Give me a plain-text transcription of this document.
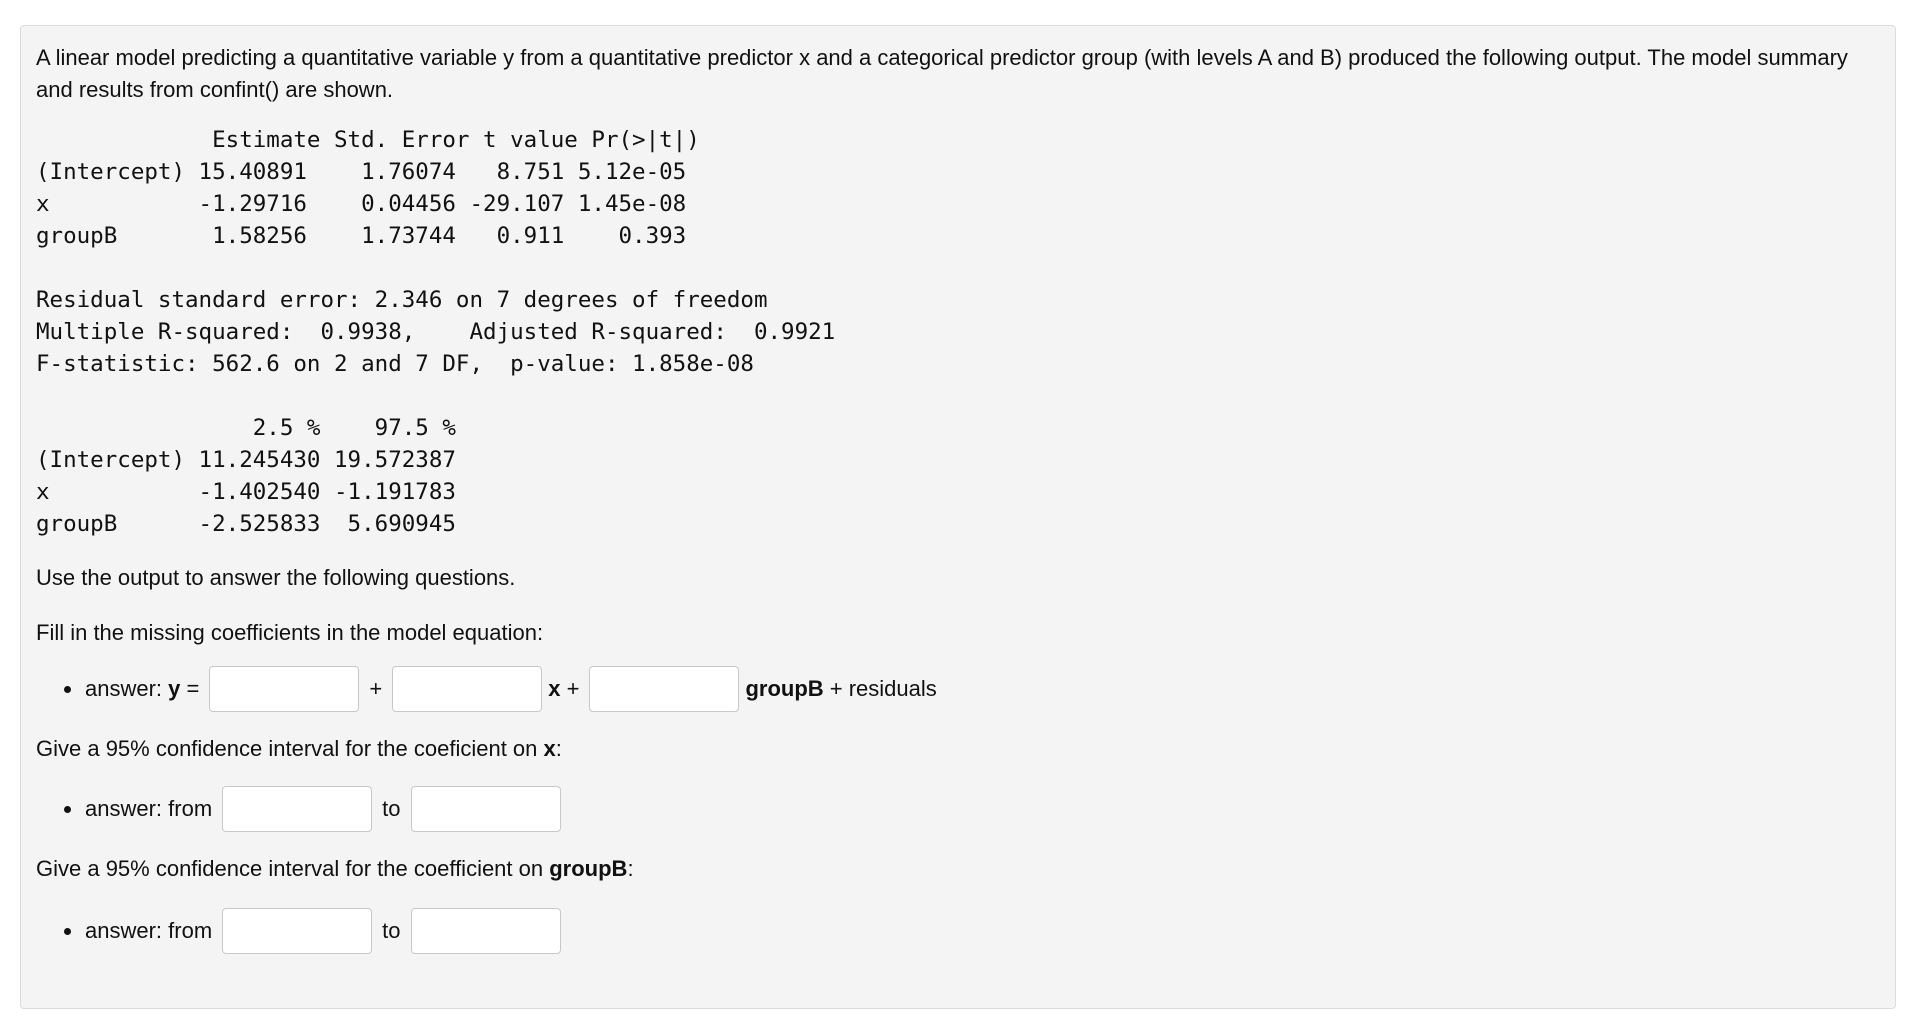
A linear model predicting a quantitative variable y from a quantitative predictor x and a categorical predictor group (with levels A and B) produced the following output. The model summary and results from confint() are shown.

Estimate Std. Error t value Pr(>|t|)
(Intercept) 15.40891    1.76074   8.751 5.12e-05
x           -1.29716    0.04456 -29.107 1.45e-08
groupB       1.58256    1.73744   0.911    0.393
Residual standard error: 2.346 on 7 degrees of freedom
Multiple R-squared:  0.9938,	Adjusted R-squared:  0.9921
F-statistic: 562.6 on 2 and 7 DF,  p-value: 1.858e-08
2.5 %    97.5 %
(Intercept) 11.245430 19.572387
x           -1.402540 -1.191783
groupB      -2.525833  5.690945

Use the output to answer the following questions.

Fill in the missing coefficients in the model equation:

answer: y =	+	x +	groupB + residuals

Give a 95% confidence interval for the coeficient on x:

answer: from	to

Give a 95% confidence interval for the coefficient on groupB:

answer: from	to
